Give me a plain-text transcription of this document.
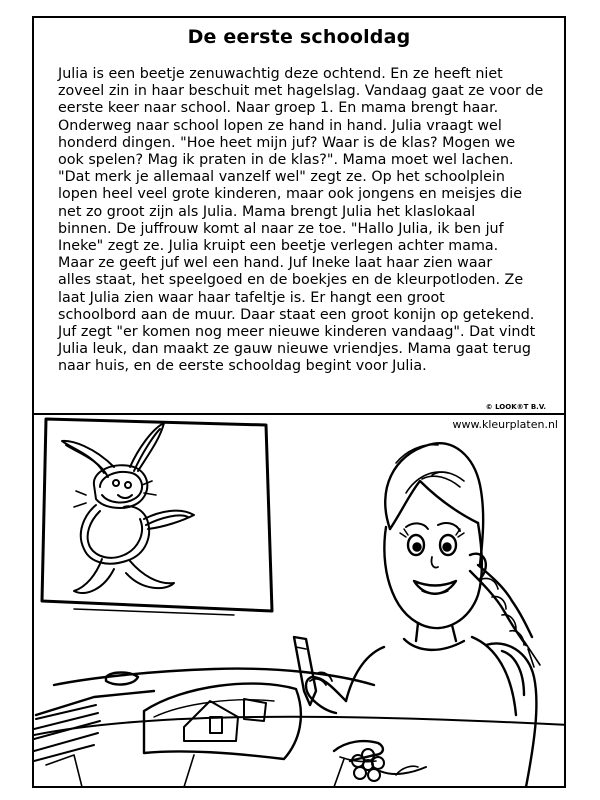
De eerste schooldag
Julia is een beetje zenuwachtig deze ochtend. En ze heeft niet
zoveel zin in haar beschuit met hagelslag. Vandaag gaat ze voor de
eerste keer naar school. Naar groep 1. En mama brengt haar.
Onderweg naar school lopen ze hand in hand. Julia vraagt wel
honderd dingen. "Hoe heet mijn juf? Waar is de klas? Mogen we
ook spelen? Mag ik praten in de klas?". Mama moet wel lachen.
"Dat merk je allemaal vanzelf wel" zegt ze. Op het schoolplein
lopen heel veel grote kinderen, maar ook jongens en meisjes die
net zo groot zijn als Julia. Mama brengt Julia het klaslokaal
binnen. De juffrouw komt al naar ze toe. "Hallo Julia, ik ben juf
Ineke" zegt ze. Julia kruipt een beetje verlegen achter mama.
Maar ze geeft juf wel een hand. Juf Ineke laat haar zien waar
alles staat, het speelgoed en de boekjes en de kleurpotloden. Ze
laat Julia zien waar haar tafeltje is. Er hangt een groot
schoolbord aan de muur. Daar staat een groot konijn op getekend.
Juf zegt "er komen nog meer nieuwe kinderen vandaag". Dat vindt
Julia leuk, dan maakt ze gauw nieuwe vriendjes. Mama gaat terug
naar huis, en de eerste schooldag begint voor Julia.
© LOOK®T B.V.
www.kleurplaten.nl
